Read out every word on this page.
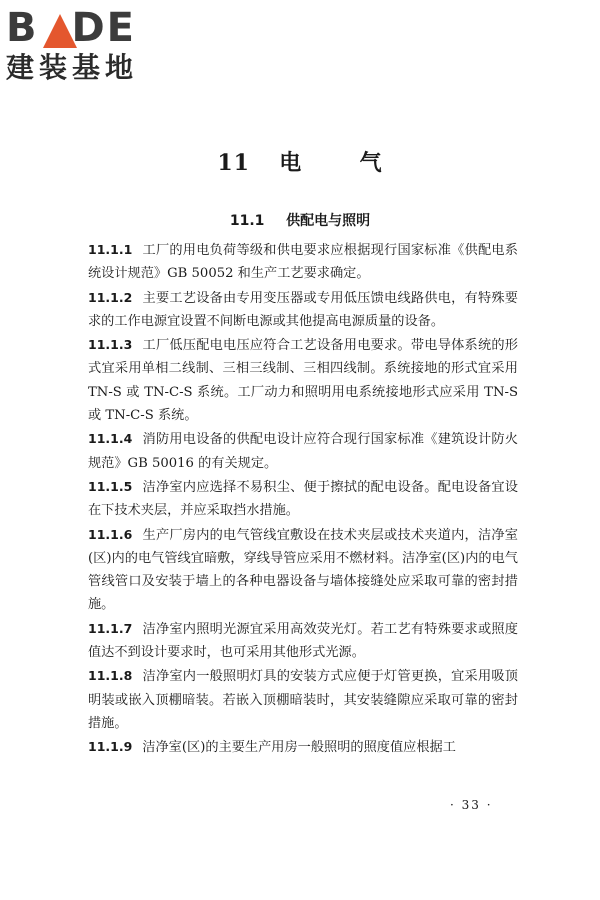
B DE
建装基地
11 电	气
11.1 供配电与照明

11.1.1 工厂的用电负荷等级和供电要求应根据现行国家标准《供配电系统设计规范》GB 50052 和生产工艺要求确定。

11.1.2 主要工艺设备由专用变压器或专用低压馈电线路供电，有特殊要求的工作电源宜设置不间断电源或其他提高电源质量的设备。

11.1.3 工厂低压配电电压应符合工艺设备用电要求。带电导体系统的形式宜采用单相二线制、三相三线制、三相四线制。系统接地的形式宜采用 TN-S 或 TN-C-S 系统。工厂动力和照明用电系统接地形式应采用 TN-S 或 TN-C-S 系统。

11.1.4 消防用电设备的供配电设计应符合现行国家标准《建筑设计防火规范》GB 50016 的有关规定。

11.1.5 洁净室内应选择不易积尘、便于擦拭的配电设备。配电设备宜设在下技术夹层，并应采取挡水措施。

11.1.6 生产厂房内的电气管线宜敷设在技术夹层或技术夹道内，洁净室(区)内的电气管线宜暗敷，穿线导管应采用不燃材料。洁净室(区)内的电气管线管口及安装于墙上的各种电器设备与墙体接缝处应采取可靠的密封措施。

11.1.7 洁净室内照明光源宜采用高效荧光灯。若工艺有特殊要求或照度值达不到设计要求时，也可采用其他形式光源。

11.1.8 洁净室内一般照明灯具的安装方式应便于灯管更换，宜采用吸顶明装或嵌入顶棚暗装。若嵌入顶棚暗装时，其安装缝隙应采取可靠的密封措施。

11.1.9 洁净室(区)的主要生产用房一般照明的照度值应根据工

· 33 ·
